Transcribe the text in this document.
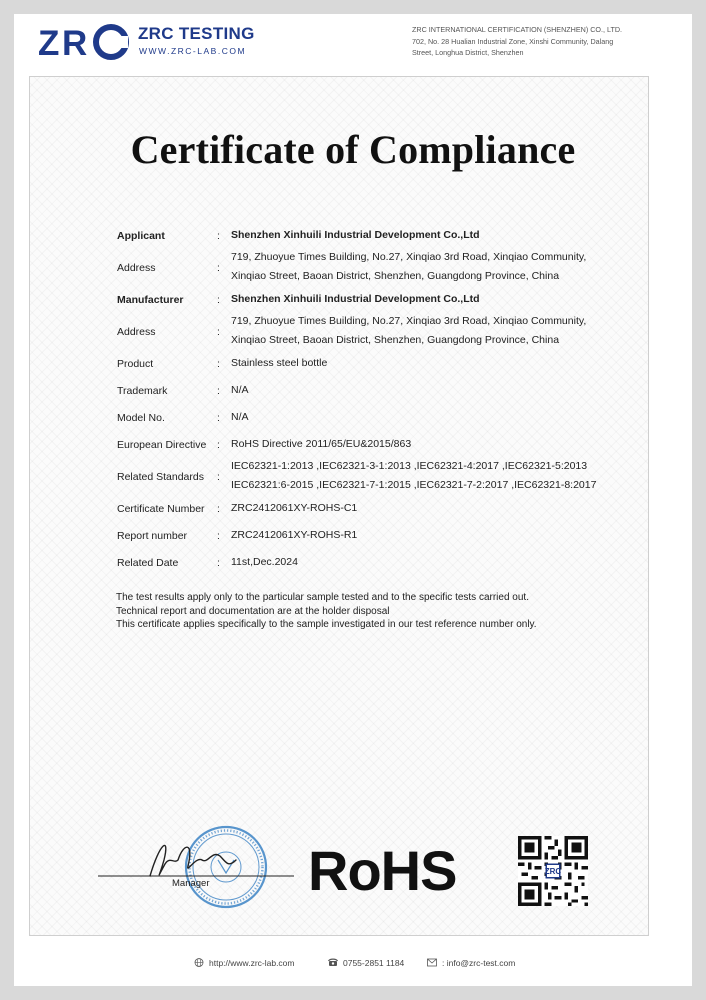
Z R	ZRC TESTING
WWW.ZRC-LAB.COM
ZRC INTERNATIONAL CERTIFICATION (SHENZHEN) CO., LTD.
702, No. 28 Hualian Industrial Zone, Xinshi Community, Dalang
Street, Longhua District, Shenzhen
Certificate of Compliance
Applicant	: Shenzhen Xinhuili Industrial Development Co.,Ltd
Address	:
719, Zhuoyue Times Building, No.27, Xinqiao 3rd Road, Xinqiao Community,
Xinqiao Street, Baoan District, Shenzhen, Guangdong Province, China
Manufacturer	: Shenzhen Xinhuili Industrial Development Co.,Ltd
Address	:
719, Zhuoyue Times Building, No.27, Xinqiao 3rd Road, Xinqiao Community,
Xinqiao Street, Baoan District, Shenzhen, Guangdong Province, China
Product	: Stainless steel bottle
Trademark	: N/A
Model No.	: N/A
European Directive : RoHS Directive 2011/65/EU&2015/863
Related Standards :
IEC62321-1:2013 ,IEC62321-3-1:2013 ,IEC62321-4:2017 ,IEC62321-5:2013
IEC62321:6-2015 ,IEC62321-7-1:2015 ,IEC62321-7-2:2017 ,IEC62321-8:2017
Certificate Number : ZRC2412061XY-ROHS-C1
Report number	: ZRC2412061XY-ROHS-R1
Related Date	: 11st,Dec.2024
The test results apply only to the particular sample tested and to the specific tests carried out.
Technical report and documentation are at the holder disposal
This certificate applies specifically to the sample investigated in our test reference number only.
Manager RoHS	ZRC
http://www.zrc-lab.com	0755-2851 1184	: info@zrc-test.com
